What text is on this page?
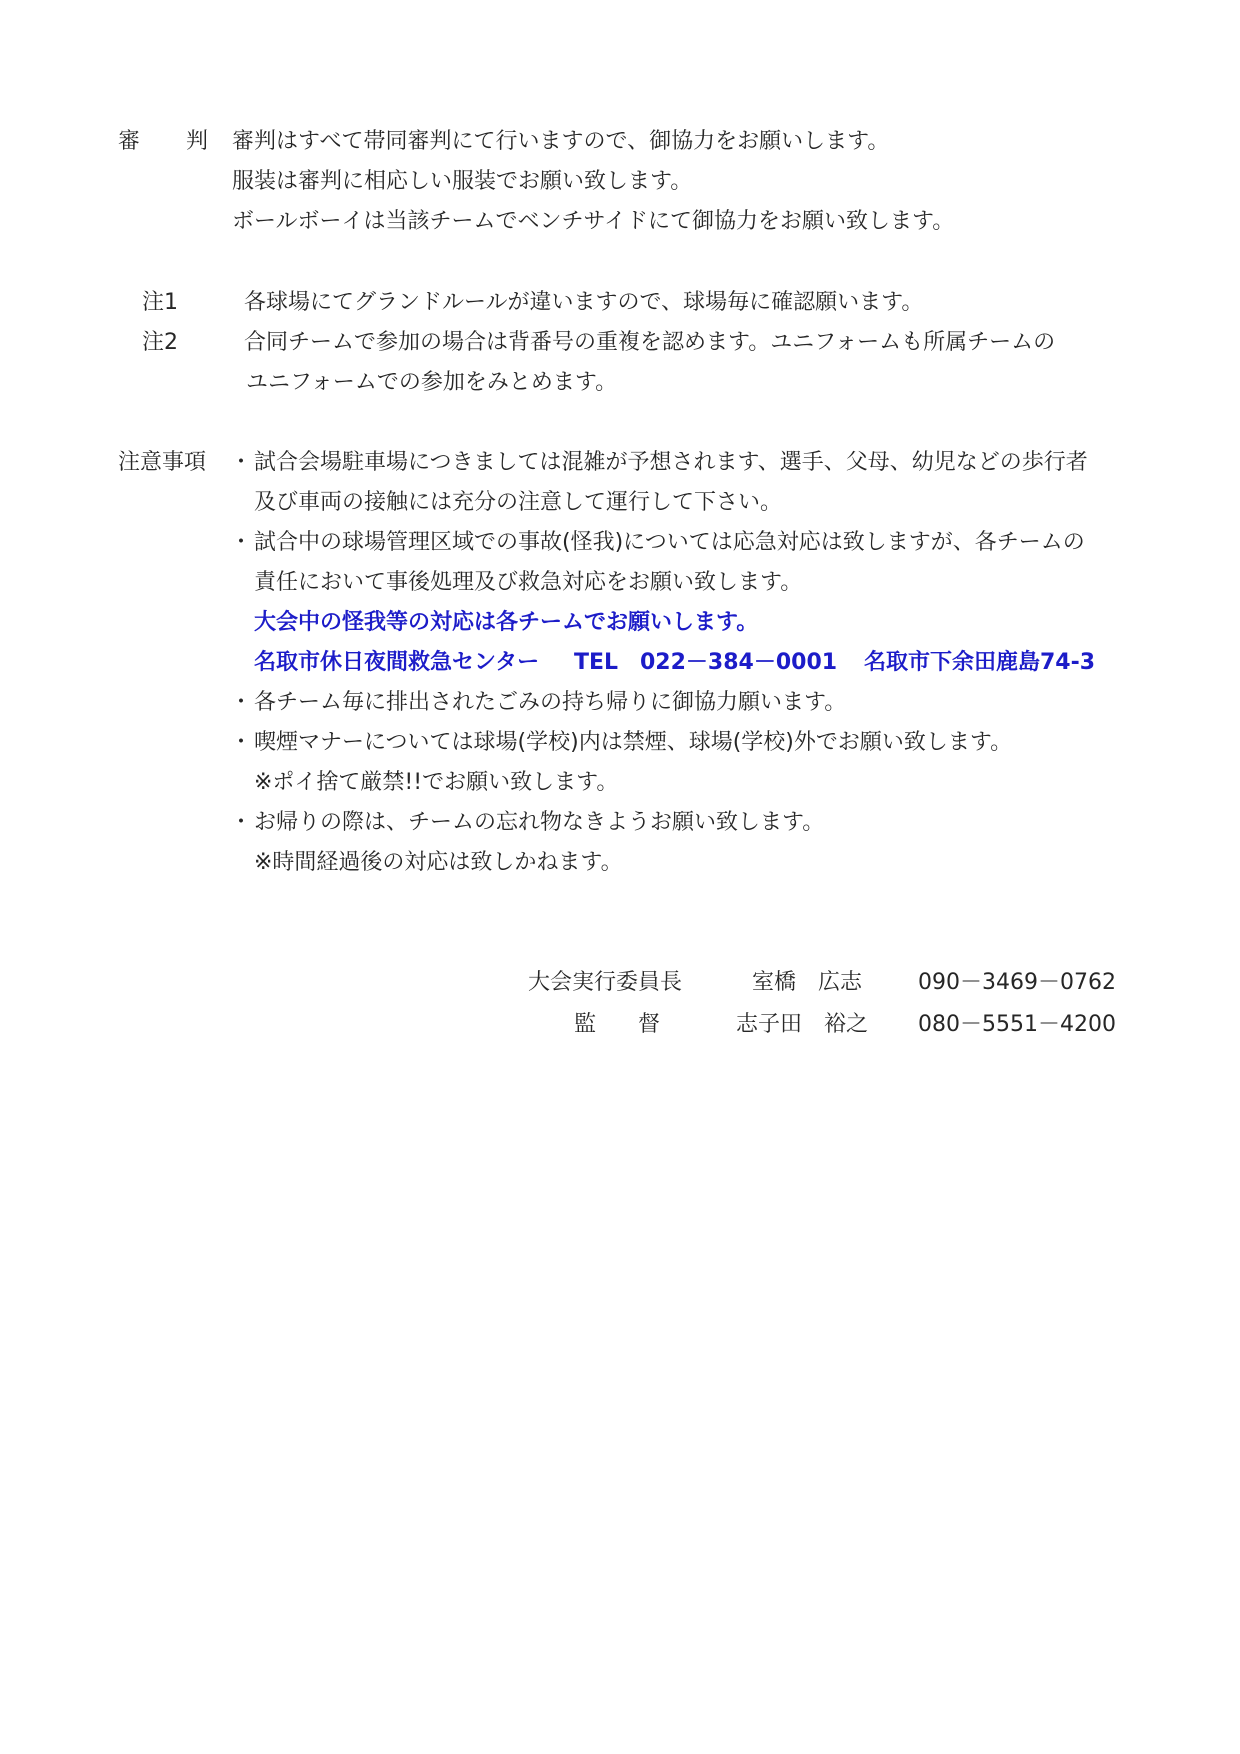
審 判 審判はすべて帯同審判にて行いますので、御協力をお願いします。
服装は審判に相応しい服装でお願い致します。
ボールボーイは当該チームでベンチサイドにて御協力をお願い致します。
注1	各球場にてグランドルールが違いますので、球場毎に確認願います。
注2	合同チームで参加の場合は背番号の重複を認めます。ユニフォームも所属チームの
ユニフォームでの参加をみとめます。
注意事項 ・ 試合会場駐車場につきましては混雑が予想されます、選手、父母、幼児などの歩行者
及び車両の接触には充分の注意して運行して下さい。
・ 試合中の球場管理区域での事故(怪我)については応急対応は致しますが、各チームの
責任において事後処理及び救急対応をお願い致します。
大会中の怪我等の対応は各チームでお願いします。
名取市休日夜間救急センター TEL 022－384－0001 名取市下余田鹿島74-3
・ 各チーム毎に排出されたごみの持ち帰りに御協力願います。
・ 喫煙マナーについては球場(学校)内は禁煙、球場(学校)外でお願い致します。
※ポイ捨て厳禁!!でお願い致します。
・ お帰りの際は、チームの忘れ物なきようお願い致します。
※時間経過後の対応は致しかねます。
大会実行委員長	室橋　広志	090－3469－0762
監 督	志子田　裕之 080－5551－4200
